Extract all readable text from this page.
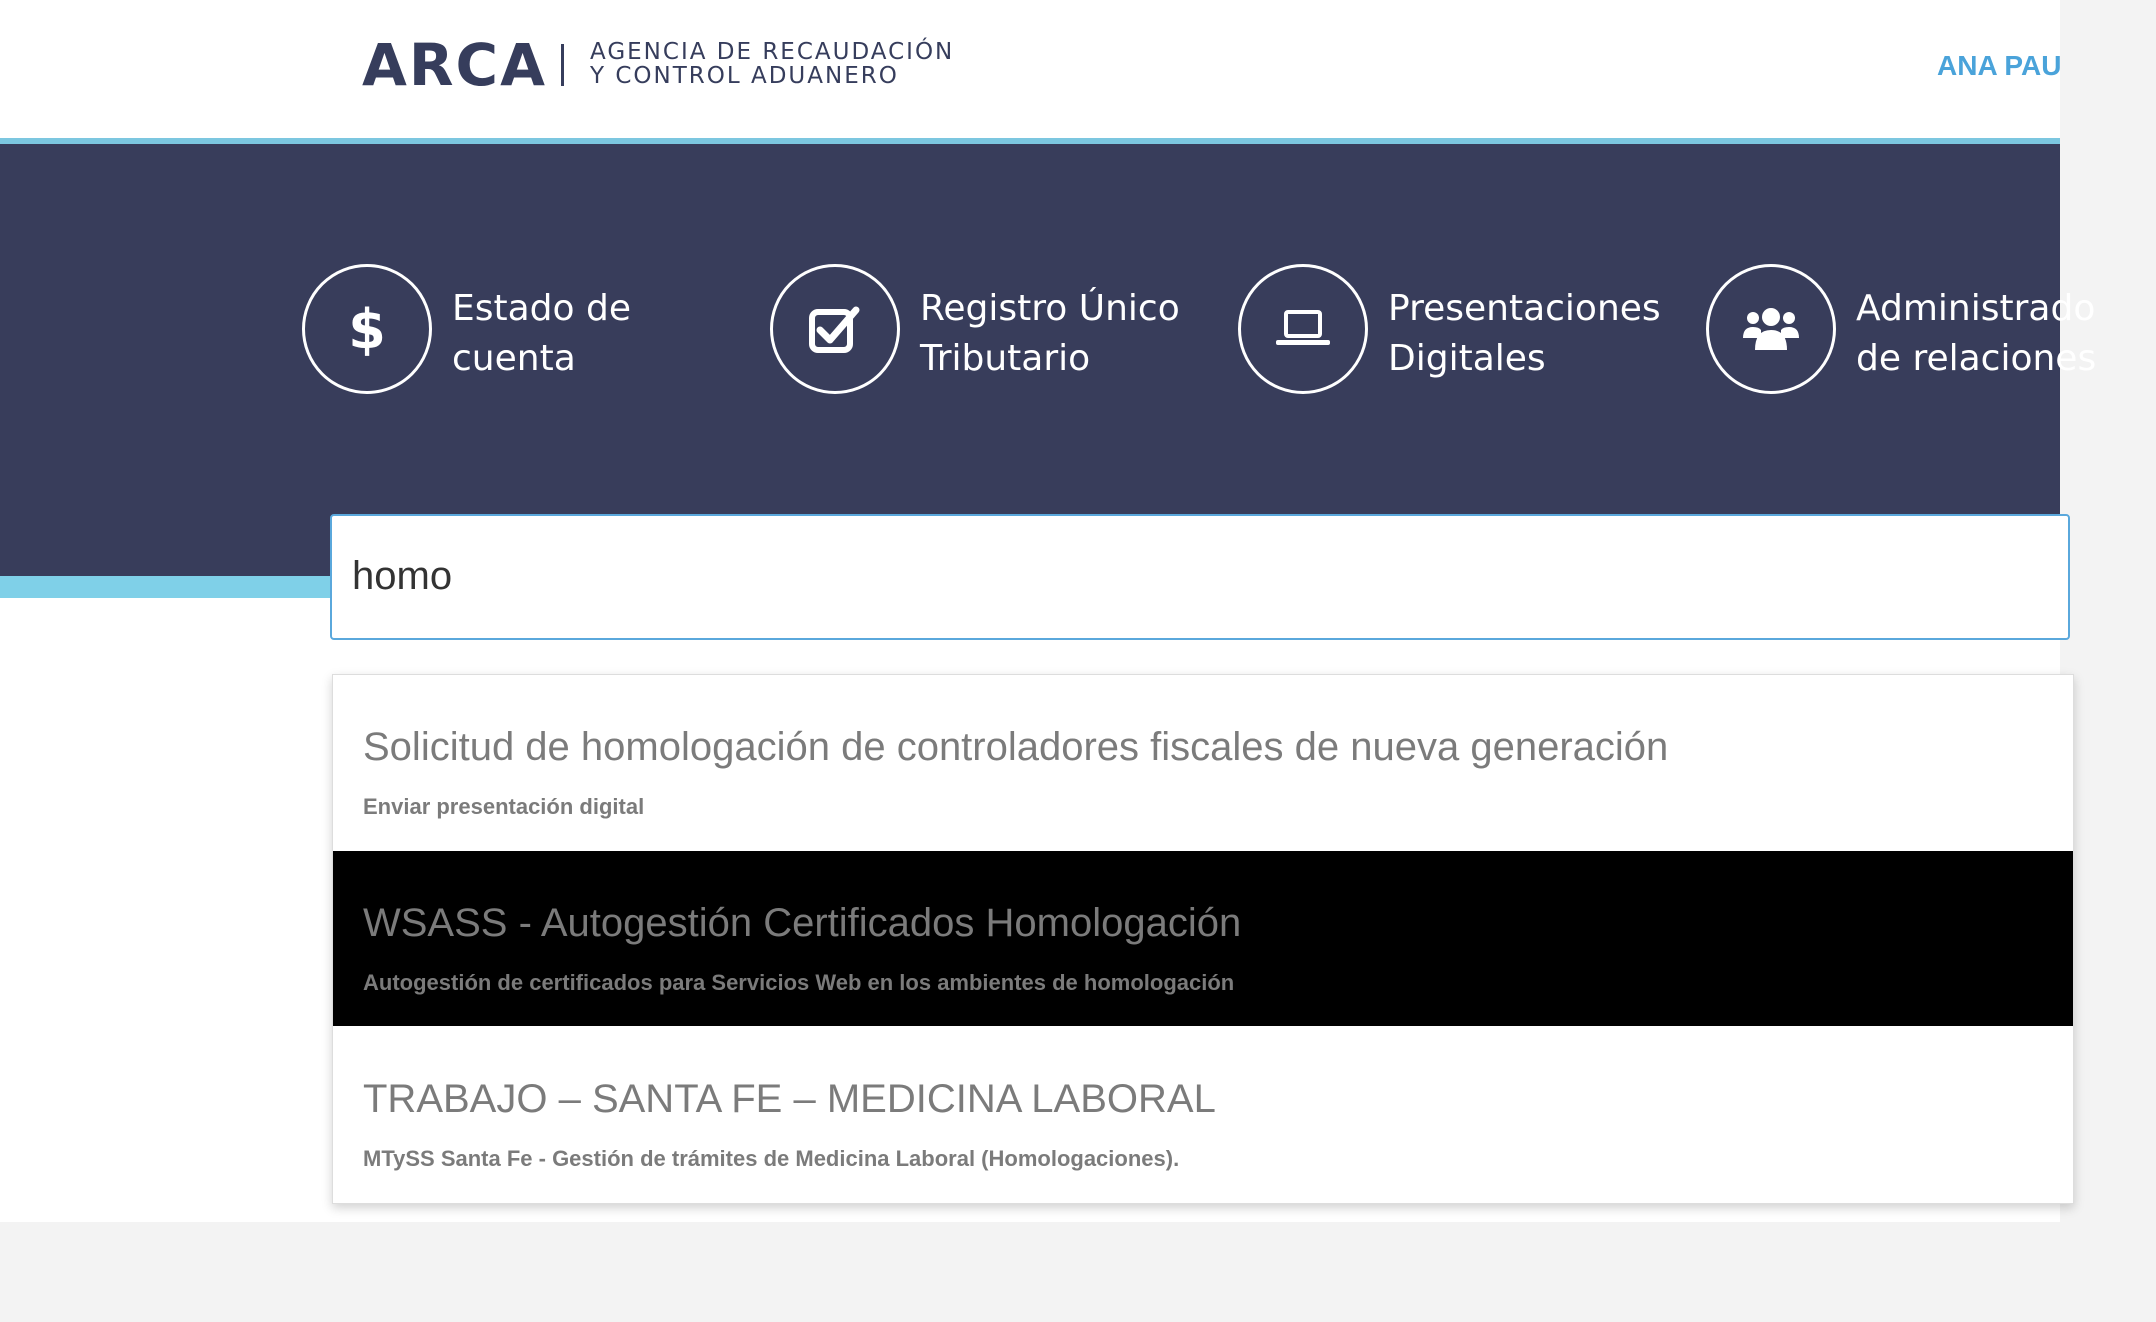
ARCA AGENCIA DE RECAUDACIÓN
Y CONTROL ADUANERO	ANA PAU
$ Estado de
cuenta
Registro Único
Tributario
Presentaciones
Digitales
Administrado
de relaciones
homo
Solicitud de homologación de controladores fiscales de nueva generación
Enviar presentación digital
WSASS - Autogestión Certificados Homologación
Autogestión de certificados para Servicios Web en los ambientes de homologación
TRABAJO – SANTA FE – MEDICINA LABORAL
MTySS Santa Fe - Gestión de trámites de Medicina Laboral (Homologaciones).
